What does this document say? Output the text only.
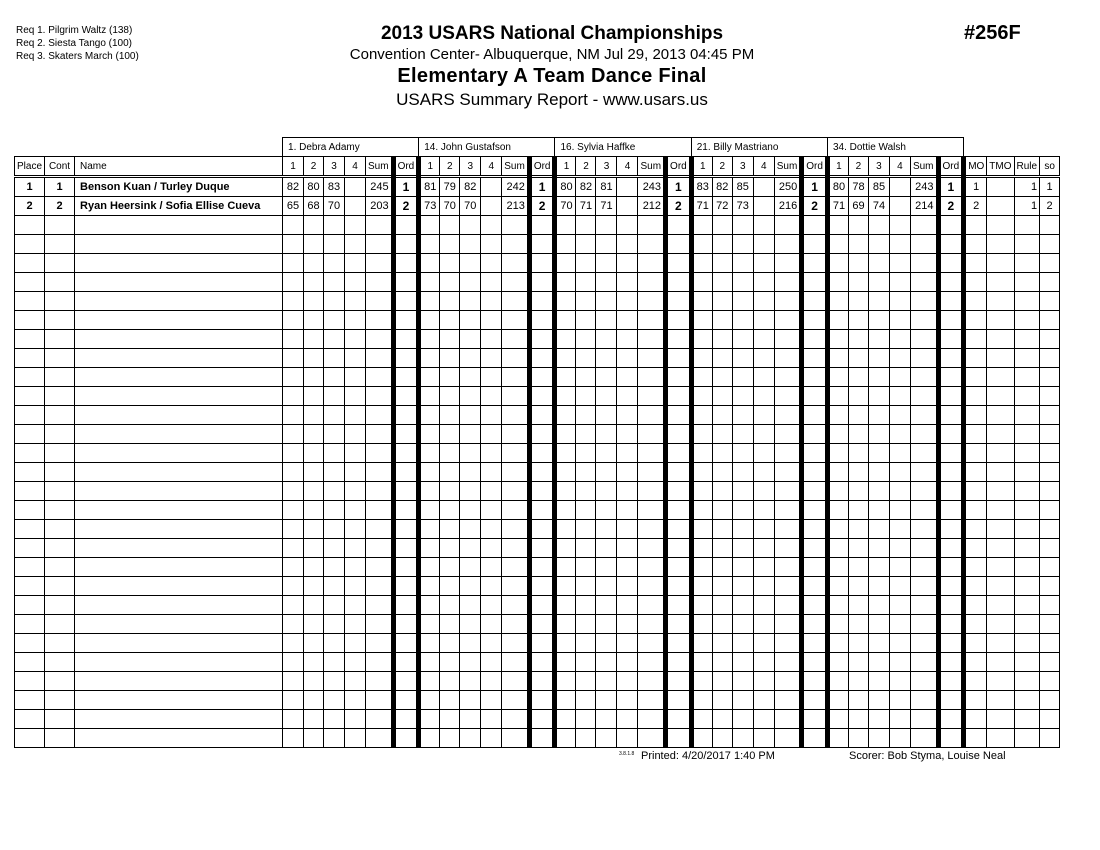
Req 1. Pilgrim Waltz (138)
Req 2. Siesta Tango (100)
Req 3. Skaters March (100)
2013 USARS National Championships
Convention Center- Albuquerque, NM Jul 29, 2013 04:45 PM
Elementary A Team Dance Final
USARS Summary Report - www.usars.us
#256F
			1. Debra Adamy						14. John Gustafson						16. Sylvia Haffke						21. Billy Mastriano						34. Dottie Walsh									
Place	Cont	Name	1	2	3	4	Sum	Ord	1	2	3	4	Sum	Ord	1	2	3	4	Sum	Ord	1	2	3	4	Sum	Ord	1	2	3	4	Sum	Ord	MO	TMO	Rule	so
1	1	Benson Kuan / Turley Duque	82	80	83		245	1	81	79	82		242	1	80	82	81		243	1	83	82	85		250	1	80	78	85		243	1	1		1	1
2	2	Ryan Heersink / Sofia Ellise Cueva	65	68	70		203	2	73	70	70		213	2	70	71	71		212	2	71	72	73		216	2	71	69	74		214	2	2		1	2

3.8.1.8 Printed: 4/20/2017 1:40 PM	Scorer: Bob Styma, Louise Neal
